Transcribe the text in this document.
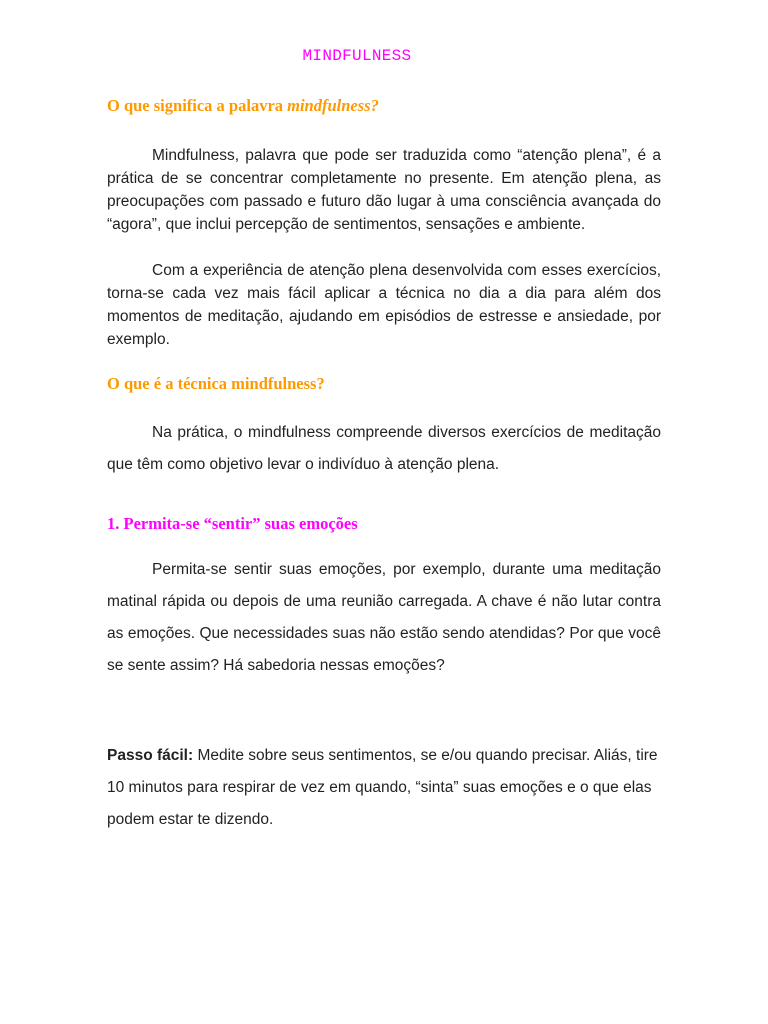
MINDFULNESS
O que significa a palavra mindfulness?

Mindfulness, palavra que pode ser traduzida como “atenção plena”, é a prática de se concentrar completamente no presente. Em atenção plena, as preocupações com passado e futuro dão lugar à uma consciência avançada do “agora”, que inclui percepção de sentimentos, sensações e ambiente.

Com a experiência de atenção plena desenvolvida com esses exercícios, torna-se cada vez mais fácil aplicar a técnica no dia a dia para além dos momentos de meditação, ajudando em episódios de estresse e ansiedade, por exemplo.

O que é a técnica mindfulness?

Na prática, o mindfulness compreende diversos exercícios de meditação que têm como objetivo levar o indivíduo à atenção plena.

1. Permita-se “sentir” suas emoções

Permita-se sentir suas emoções, por exemplo, durante uma meditação matinal rápida ou depois de uma reunião carregada. A chave é não lutar contra as emoções. Que necessidades suas não estão sendo atendidas? Por que você se sente assim? Há sabedoria nessas emoções?

Passo fácil: Medite sobre seus sentimentos, se e/ou quando precisar. Aliás, tire 10 minutos para respirar de vez em quando, “sinta” suas emoções e o que elas podem estar te dizendo.
